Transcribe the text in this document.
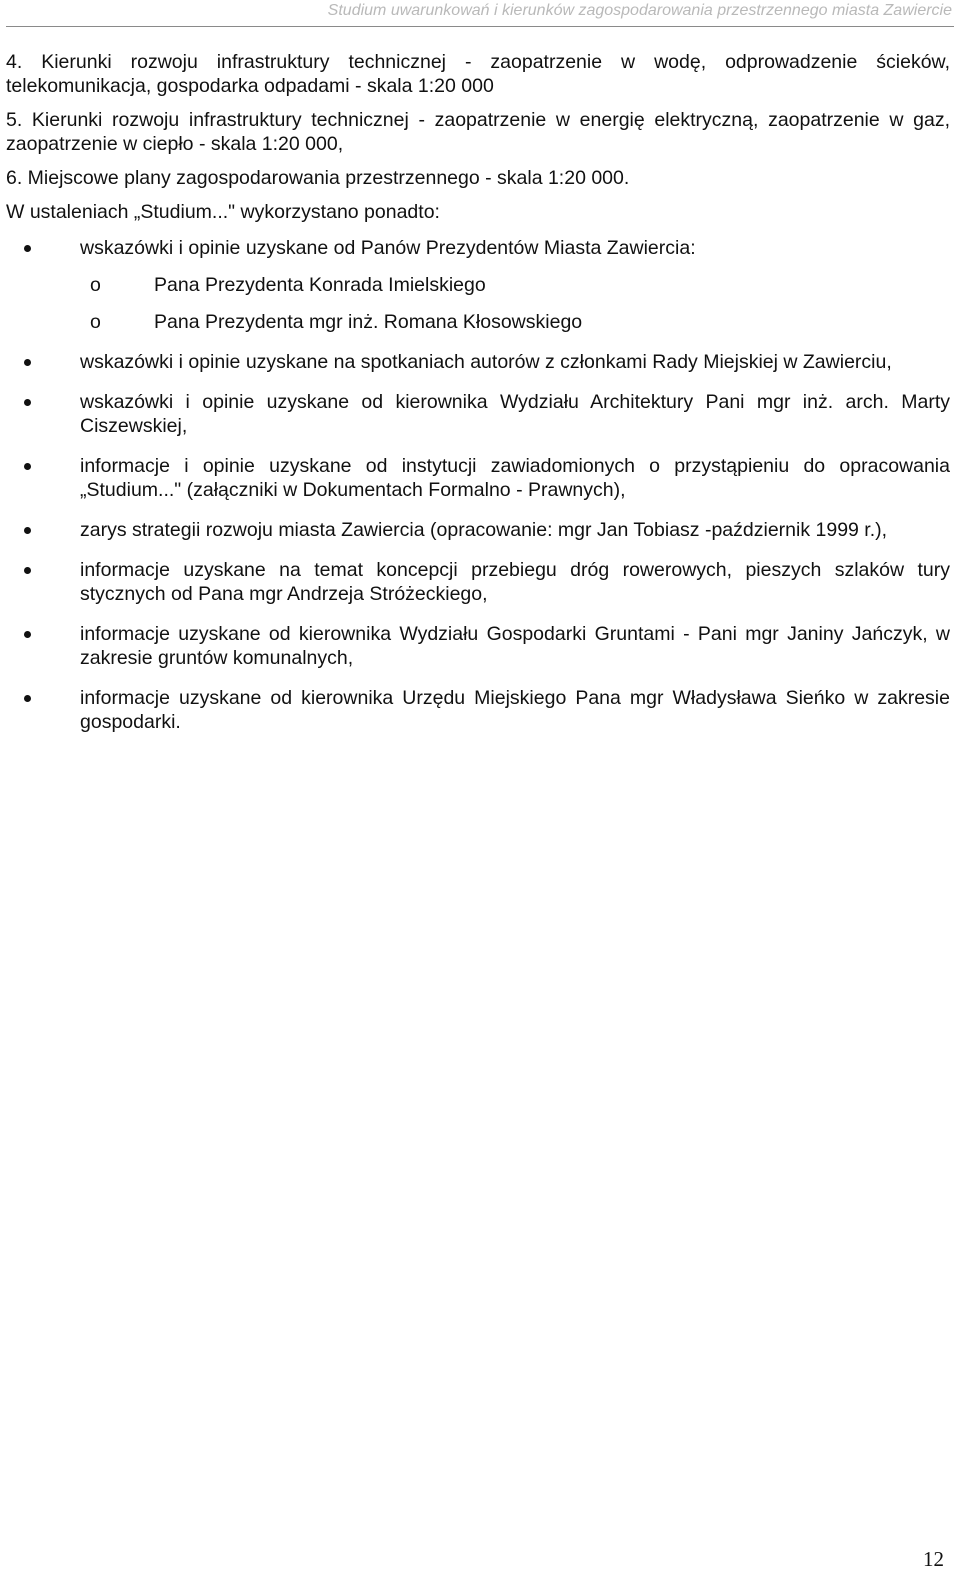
Studium uwarunkowań i kierunków zagospodarowania przestrzennego miasta Zawiercie

4. Kierunki rozwoju infrastruktury technicznej - zaopatrzenie w wodę, odprowadzenie ścieków, telekomunikacja, gospodarka odpadami - skala 1:20 000

5. Kierunki rozwoju infrastruktury technicznej - zaopatrzenie w energię elektryczną, zaopatrzenie w gaz, zaopatrzenie w ciepło - skala 1:20 000,

6. Miejscowe plany zagospodarowania przestrzennego - skala 1:20 000.

W ustaleniach „Studium..." wykorzystano ponadto:

wskazówki i opinie uzyskane od Panów Prezydentów Miasta Zawiercia:
o	Pana Prezydenta Konrada Imielskiego
o	Pana Prezydenta mgr inż. Romana Kłosowskiego
wskazówki i opinie uzyskane na spotkaniach autorów z członkami Rady Miejskiej w Zawierciu,
wskazówki i opinie uzyskane od kierownika Wydziału Architektury Pani mgr inż. arch. Marty Ciszewskiej,
informacje i opinie uzyskane od instytucji zawiadomionych o przystąpieniu do opracowania „Studium..." (załączniki w Dokumentach Formalno - Prawnych),
zarys strategii rozwoju miasta Zawiercia (opracowanie: mgr Jan Tobiasz -październik 1999 r.),
informacje uzyskane na temat koncepcji przebiegu dróg rowerowych, pieszych szlaków tury stycznych od Pana mgr Andrzeja Stróżeckiego,
informacje uzyskane od kierownika Wydziału Gospodarki Gruntami - Pani mgr Janiny Jańczyk, w zakresie gruntów komunalnych,
informacje uzyskane od kierownika Urzędu Miejskiego Pana mgr Władysława Sieńko w zakresie gospodarki.
12
